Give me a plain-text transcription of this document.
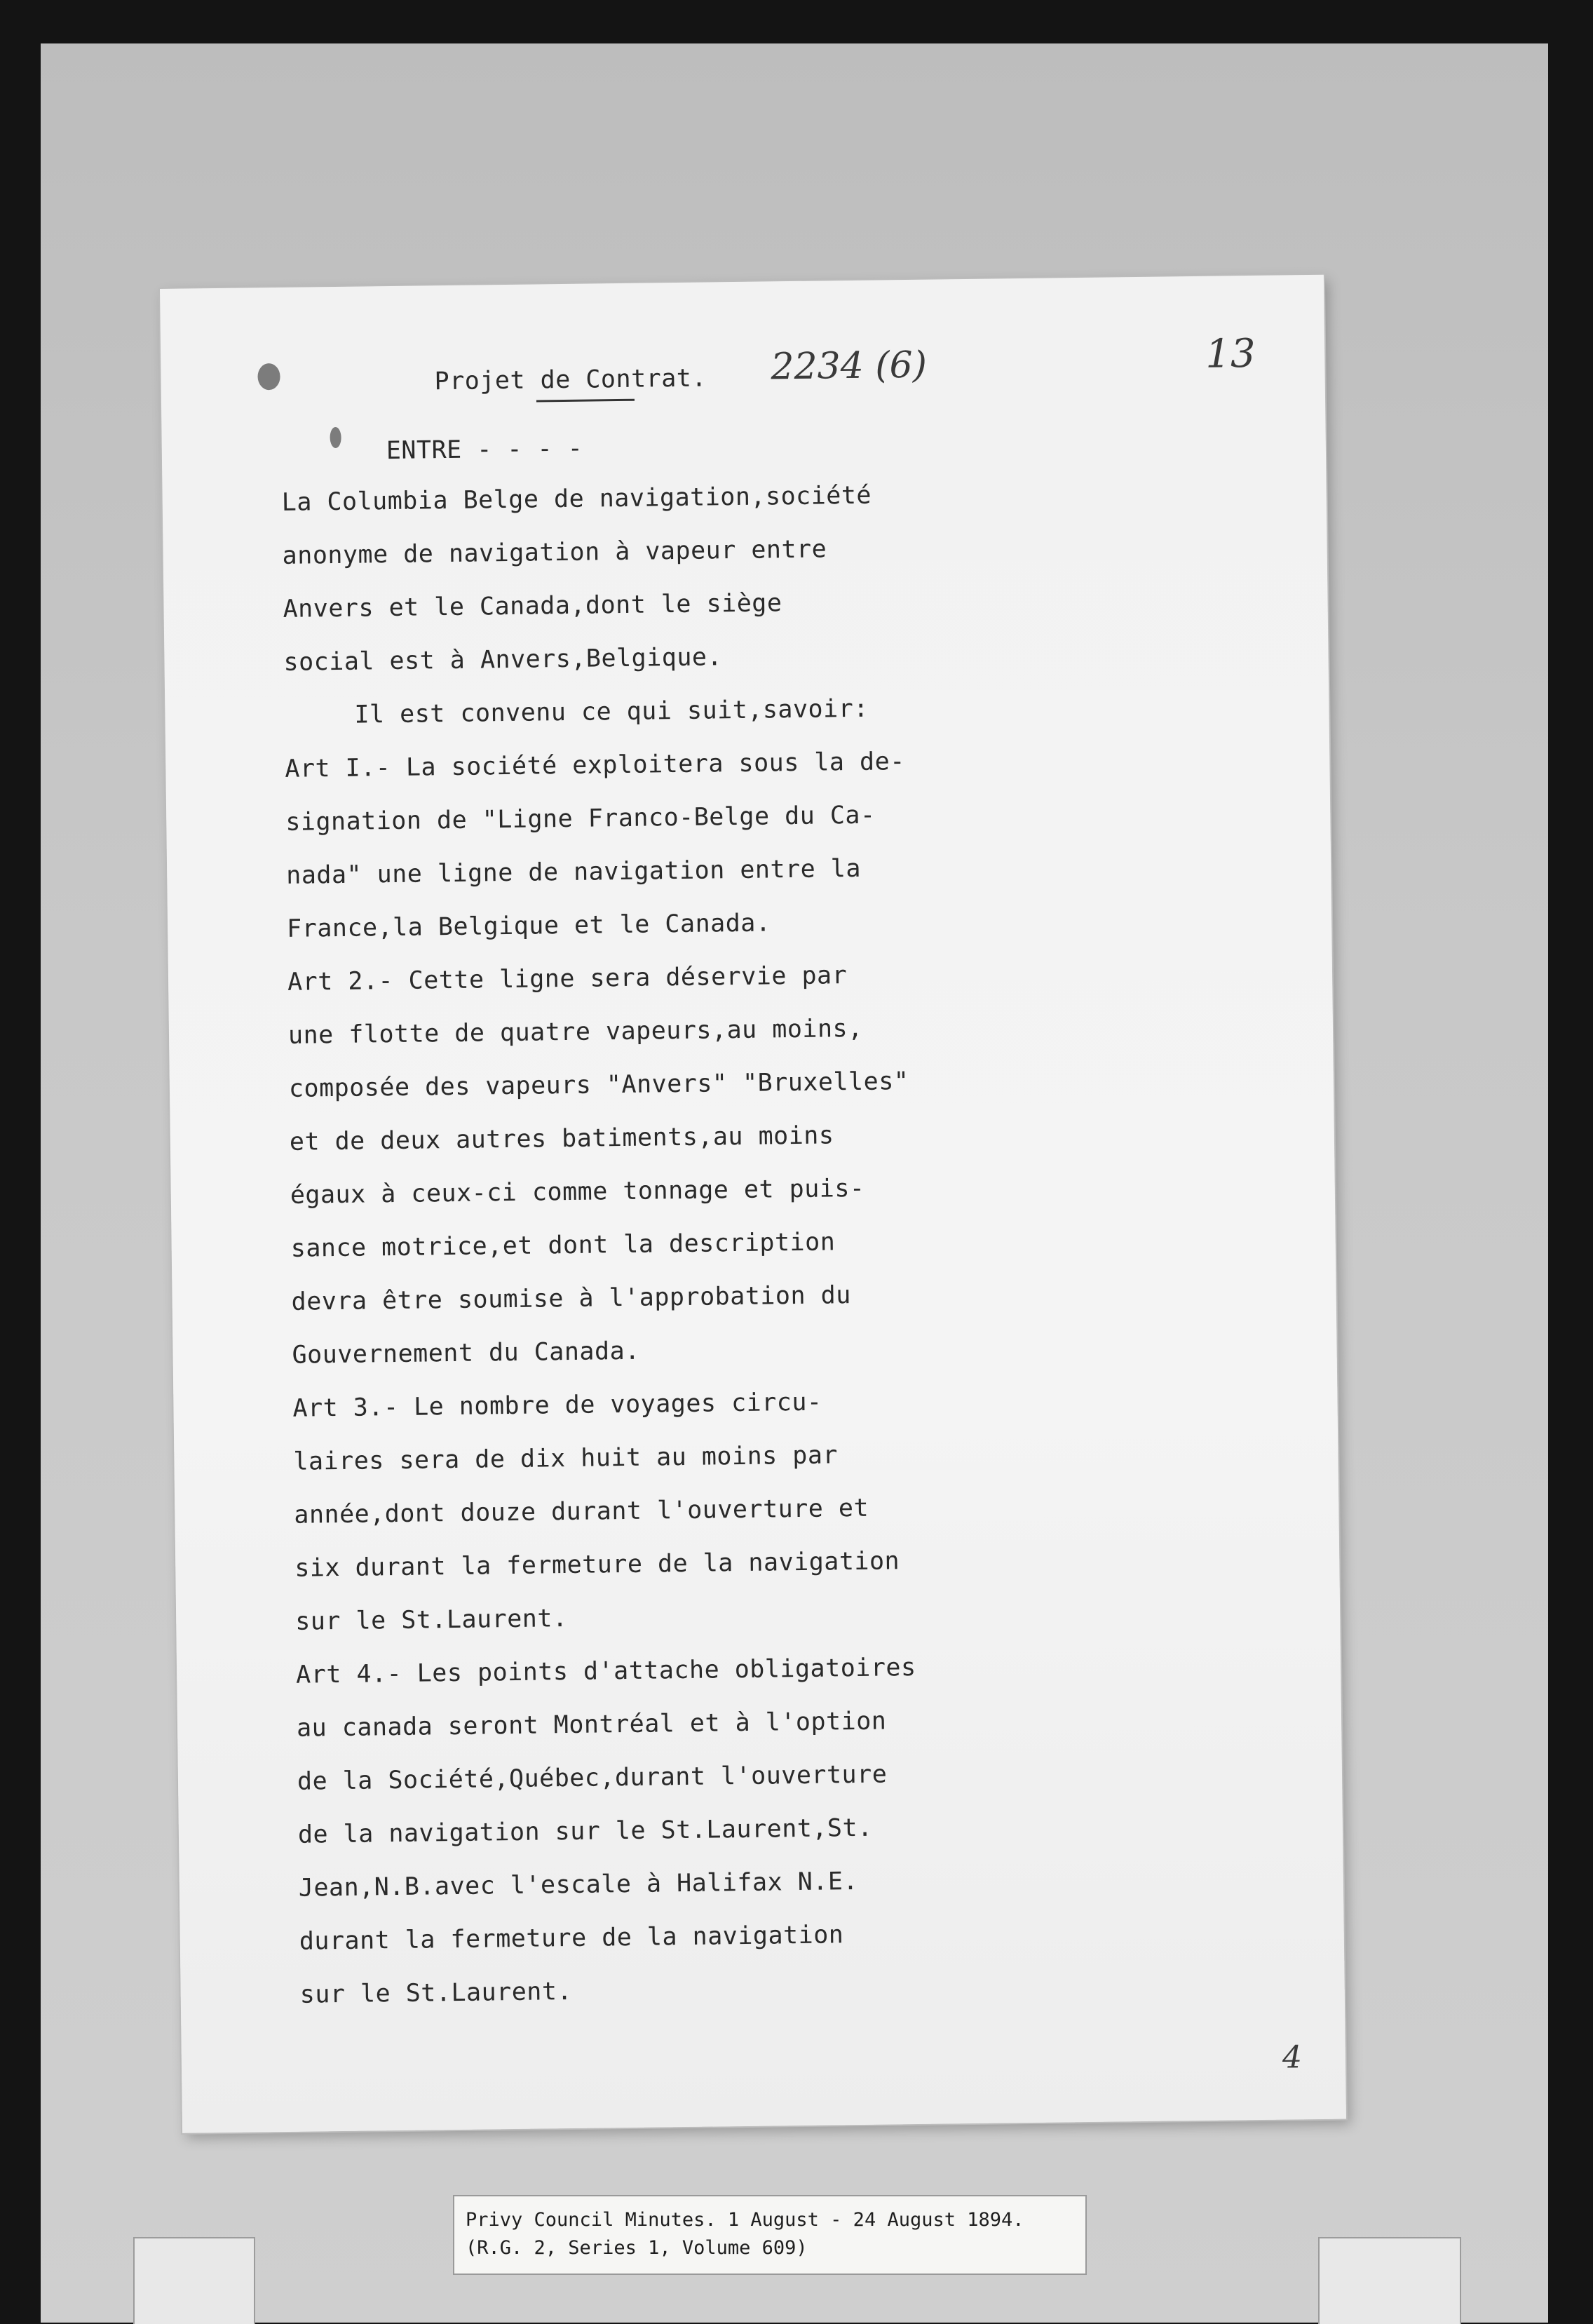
Projet de Contrat. 2234 (6)	13
ENTRE - - - -
La Columbia Belge de navigation,société
anonyme de navigation à vapeur entre
Anvers et le Canada,dont le siège
social est à Anvers,Belgique.
Il est convenu ce qui suit,savoir:
Art I.- La société exploitera sous la de-
signation de "Ligne Franco-Belge du Ca-
nada" une ligne de navigation entre la
France,la Belgique et le Canada.
Art 2.- Cette ligne sera déservie par
une flotte de quatre vapeurs,au moins,
composée des vapeurs "Anvers" "Bruxelles"
et de deux autres batiments,au moins
égaux à ceux-ci comme tonnage et puis-
sance motrice,et dont la description
devra être soumise à l'approbation du
Gouvernement du Canada.
Art 3.- Le nombre de voyages circu-
laires sera de dix huit au moins par
année,dont douze durant l'ouverture et
six durant la fermeture de la navigation
sur le St.Laurent.
Art 4.- Les points d'attache obligatoires
au canada seront Montréal et à l'option
de la Société,Québec,durant l'ouverture
de la navigation sur le St.Laurent,St.
Jean,N.B.avec l'escale à Halifax N.E.
durant la fermeture de la navigation
sur le St.Laurent.
4
Privy Council Minutes. 1 August - 24 August 1894.
(R.G. 2, Series 1, Volume 609)
